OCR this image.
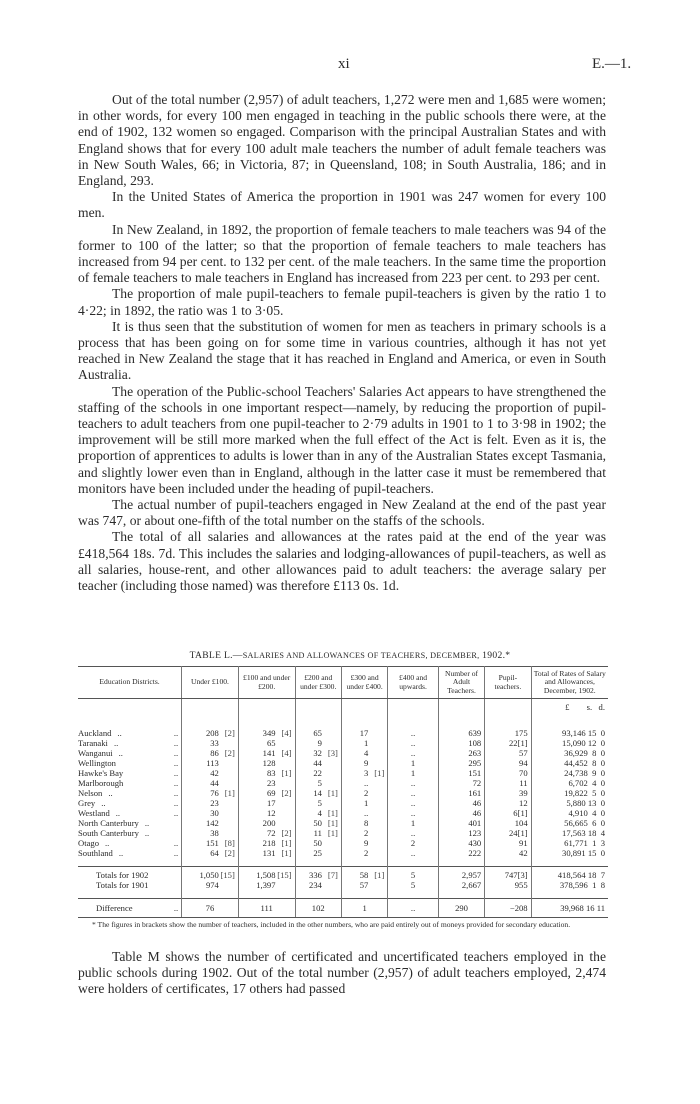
xi	E.—1.

Out of the total number (2,957) of adult teachers, 1,272 were men and 1,685 were women; in other words, for every 100 men engaged in teaching in the public schools there were, at the end of 1902, 132 women so engaged. Comparison with the principal Australian States and with England shows that for every 100 adult male teachers the number of adult female teachers was in New South Wales, 66; in Victoria, 87; in Queensland, 108; in South Australia, 186; and in England, 293.

In the United States of America the proportion in 1901 was 247 women for every 100 men.

In New Zealand, in 1892, the proportion of female teachers to male teachers was 94 of the former to 100 of the latter; so that the proportion of female teachers to male teachers has increased from 94 per cent. to 132 per cent. of the male teachers. In the same time the proportion of female teachers to male teachers in England has increased from 223 per cent. to 293 per cent.

The proportion of male pupil-teachers to female pupil-teachers is given by the ratio 1 to 4·22; in 1892, the ratio was 1 to 3·05.

It is thus seen that the substitution of women for men as teachers in primary schools is a process that has been going on for some time in various countries, although it has not yet reached in New Zealand the stage that it has reached in England and America, or even in South Australia.

The operation of the Public-school Teachers' Salaries Act appears to have strengthened the staffing of the schools in one important respect—namely, by reducing the proportion of pupil-teachers to adult teachers from one pupil-teacher to 2·79 adults in 1901 to 1 to 3·98 in 1902; the improvement will be still more marked when the full effect of the Act is felt. Even as it is, the proportion of apprentices to adults is lower than in any of the Australian States except Tasmania, and slightly lower even than in England, although in the latter case it must be remembered that monitors have been included under the heading of pupil-teachers.

The actual number of pupil-teachers engaged in New Zealand at the end of the past year was 747, or about one-fifth of the total number on the staffs of the schools.

The total of all salaries and allowances at the rates paid at the end of the year was £418,564 18s. 7d. This includes the salaries and lodging-allowances of pupil-teachers, as well as all salaries, house-rent, and other allowances paid to adult teachers: the average salary per teacher (including those named) was therefore £113 0s. 1d.

TABLE L.—SALARIES AND ALLOWANCES OF TEACHERS, DECEMBER, 1902.*
Education Districts.	Under £100.	£100 and under £200.	£200 and under £300.	£300 and under £400.	£400 and upwards.	Number of Adult Teachers.	Pupil-teachers.	Total of Rates of Salary and Allowances, December, 1902.
								£        s.   d.

Auckland .. ..	208 [2]	349 [4]	65	17	..	639	175	93,146 15  0
Taranaki .. ..	33	65	9	1	..	108	22[1]	15,090 12  0
Wanganui .. ..	86 [2]	141 [4]	32 [3]	4	..	263	57	36,929  8  0
Wellington ..	113	128	44	9	1	295	94	44,452  8  0
Hawke's Bay ..	42	83 [1]	22	3 [1]	1	151	70	24,738  9  0
Marlborough ..	44	23	5	..	..	72	11	6,702  4  0
Nelson .. ..	76 [1]	69 [2]	14 [1]	2	..	161	39	19,822  5  0
Grey .. ..	23	17	5	1	..	46	12	5,880 13  0
Westland .. ..	30	12	4 [1]	..	..	46	6[1]	4,910  4  0
North Canterbury ..	142	200	50 [1]	8	1	401	104	56,665  6  0
South Canterbury ..	38	72 [2]	11 [1]	2	..	123	24[1]	17,563 18  4
Otago .. ..	151 [8]	218 [1]	50	9	2	430	91	61,771  1  3
Southland .. ..	64 [2]	131 [1]	25	2	..	222	42	30,891 15  0

Totals for 1902	1,050 [15]	1,508 [15]	336 [7]	58 [1]	5	2,957	747[3]	418,564 18  7
Totals for 1901	974	1,397	234	57	5	2,667	955	378,596  1  8

Difference ..	76	111	102	1	..	290	−208	39,968 16 11
* The figures in brackets show the number of teachers, included in the other numbers, who are paid entirely out of moneys provided for secondary education.

Table M shows the number of certificated and uncertificated teachers employed in the public schools during 1902. Out of the total number (2,957) of adult teachers employed, 2,474 were holders of certificates, 17 others had passed
